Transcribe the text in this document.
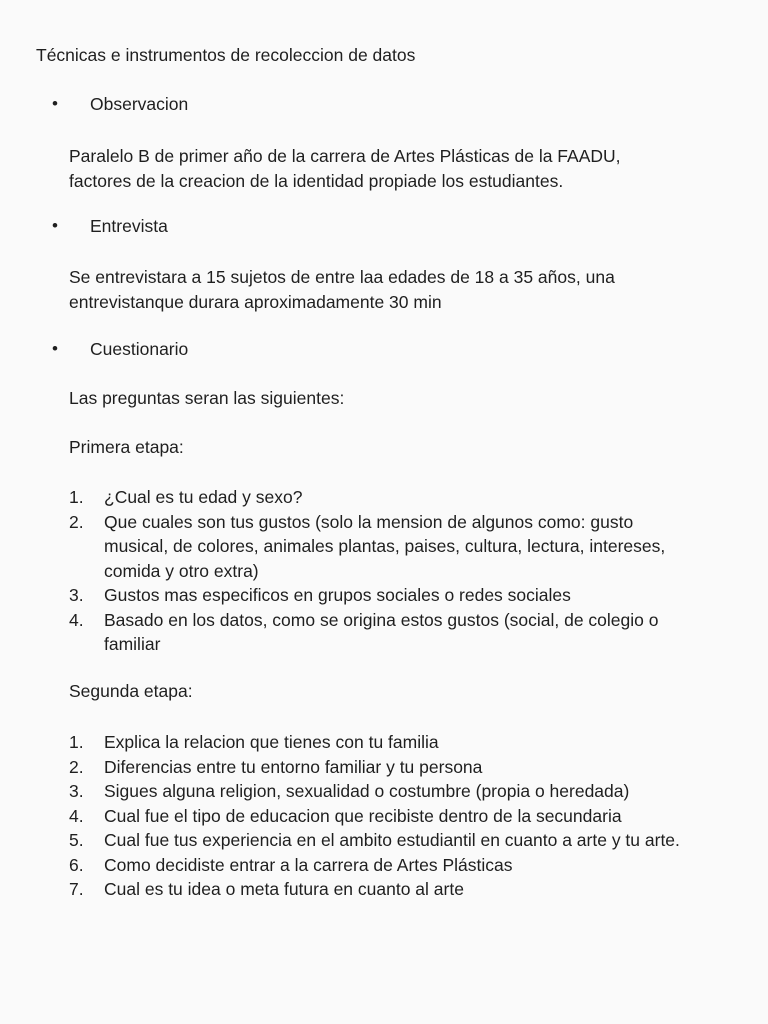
Técnicas e instrumentos de recoleccion de datos
• Observacion
Paralelo B de primer año de la carrera de Artes Plásticas de la FAADU,
factores de la creacion de la identidad propiade los estudiantes.
• Entrevista
Se entrevistara a 15 sujetos de entre laa edades de 18 a 35 años, una
entrevistanque durara aproximadamente 30 min
• Cuestionario
Las preguntas seran las siguientes:
Primera etapa:
1. ¿Cual es tu edad y sexo?
2. Que cuales son tus gustos (solo la mension de algunos como: gusto
musical, de colores, animales plantas, paises, cultura, lectura, intereses,
comida y otro extra)
3. Gustos mas especificos en grupos sociales o redes sociales
4. Basado en los datos, como se origina estos gustos (social, de colegio o
familiar
Segunda etapa:
1. Explica la relacion que tienes con tu familia
2. Diferencias entre tu entorno familiar y tu persona
3. Sigues alguna religion, sexualidad o costumbre (propia o heredada)
4. Cual fue el tipo de educacion que recibiste dentro de la secundaria
5. Cual fue tus experiencia en el ambito estudiantil en cuanto a arte y tu arte.
6. Como decidiste entrar a la carrera de Artes Plásticas
7. Cual es tu idea o meta futura en cuanto al arte
